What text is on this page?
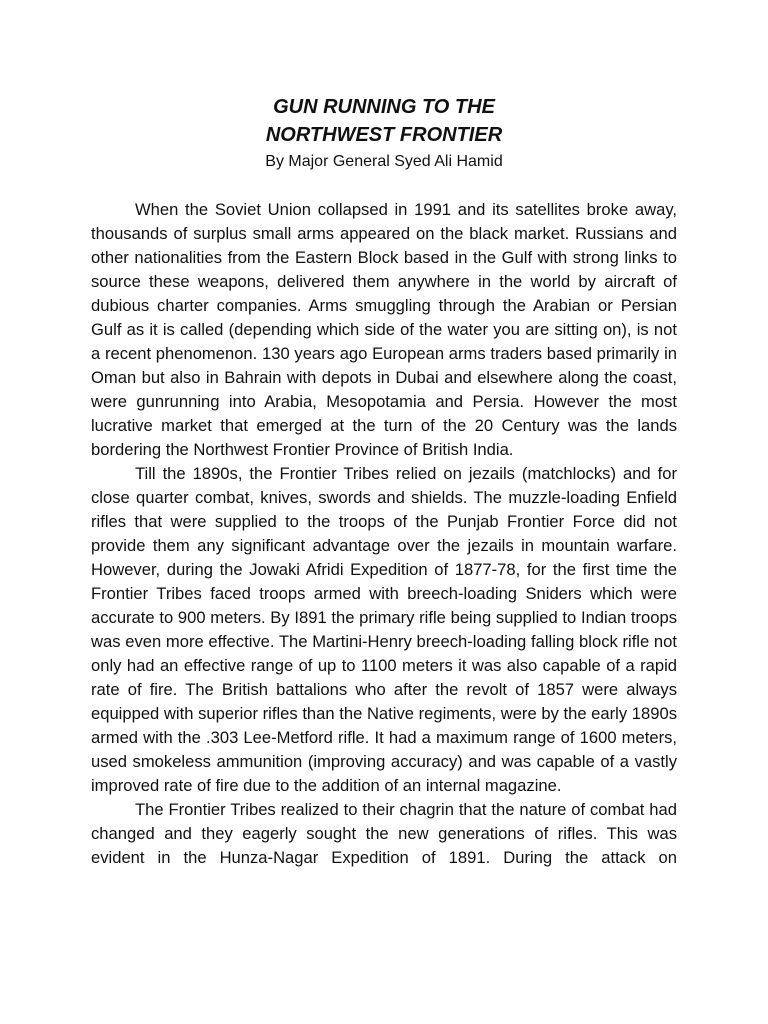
GUN RUNNING TO THE
NORTHWEST FRONTIER

By Major General Syed Ali Hamid

When the Soviet Union collapsed in 1991 and its satellites broke away, thousands of surplus small arms appeared on the black market. Russians and other nationalities from the Eastern Block based in the Gulf with strong links to source these weapons, delivered them anywhere in the world by aircraft of dubious charter companies. Arms smuggling through the Arabian or Persian Gulf as it is called (depending which side of the water you are sitting on), is not a recent phenomenon. 130 years ago European arms traders based primarily in Oman but also in Bahrain with depots in Dubai and elsewhere along the coast, were gunrunning into Arabia, Mesopotamia and Persia. However the most lucrative market that emerged at the turn of the 20 Century was the lands bordering the Northwest Frontier Province of British India.

Till the 1890s, the Frontier Tribes relied on jezails (matchlocks) and for close quarter combat, knives, swords and shields. The muzzle-loading Enfield rifles that were supplied to the troops of the Punjab Frontier Force did not provide them any significant advantage over the jezails in mountain warfare. However, during the Jowaki Afridi Expedition of 1877-78, for the first time the Frontier Tribes faced troops armed with breech-loading Sniders which were accurate to 900 meters. By I891 the primary rifle being supplied to Indian troops was even more effective. The Martini-Henry breech-loading falling block rifle not only had an effective range of up to 1100 meters it was also capable of a rapid rate of fire. The British battalions who after the revolt of 1857 were always equipped with superior rifles than the Native regiments, were by the early 1890s armed with the .303 Lee-Metford rifle. It had a maximum range of 1600 meters, used smokeless ammunition (improving accuracy) and was capable of a vastly improved rate of fire due to the addition of an internal magazine.

The Frontier Tribes realized to their chagrin that the nature of combat had changed and they eagerly sought the new generations of rifles. This was evident in the Hunza-Nagar Expedition of 1891. During the attack on
